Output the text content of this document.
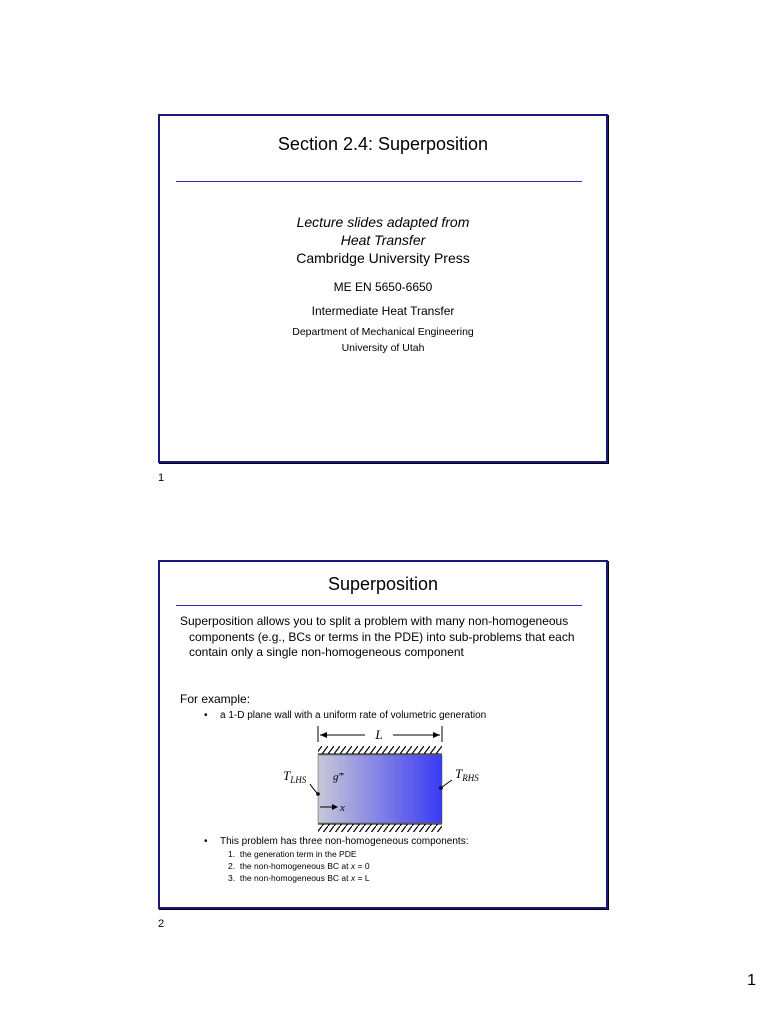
Section 2.4: Superposition
Lecture slides adapted from
Heat Transfer
Cambridge University Press
ME EN 5650-6650
Intermediate Heat Transfer
Department of Mechanical Engineering
University of Utah
1
Superposition
Superposition allows you to split a problem with many non-homogeneous components (e.g., BCs or terms in the PDE) into sub-problems that each contain only a single non-homogeneous component
For example:
• a 1-D plane wall with a uniform rate of volumetric generation
L
$T_{LHS}$	$T_{RHS}$
g‴
x
• This problem has three non-homogeneous components:
1. the generation term in the PDE
2. the non-homogeneous BC at x = 0
3. the non-homogeneous BC at x = L
2
1
